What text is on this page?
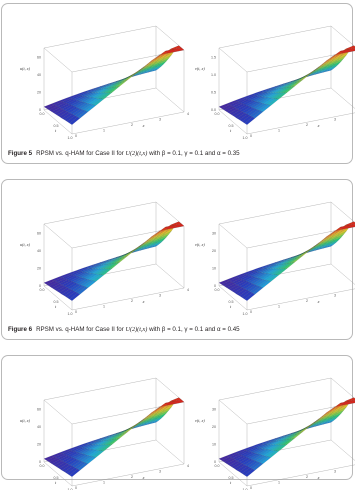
0
20
40
60
u(t, x)
0.0
0.5
1.0
t
0
1
2
3
4
x
0.0
0.5
1.0
1.5
v(t, x)
0.0
0.5
1.0
t
0
1
2
3
x
Figure 5 RPSM vs. q-HAM for Case II for U(2)(t,x) with β = 0.1, γ = 0.1 and α = 0.35
0
20
40
60
u(t, x)
0.0
0.5
1.0
t
0
1
2
3
4
x
0
10
20
30
v(t, x)
0.0
0.5
1.0
t
0
1
2
3
x
Figure 6 RPSM vs. q-HAM for Case II for U(2)(t,x) with β = 0.1, γ = 0.1 and α = 0.45
0
20
40
60
u(t, x)
0.0
0.5
1.0
t
0
1
2
3
4
x
0
10
20
30
v(t, x)
0.0
0.5
1.0
t
0
1
2
3
x
